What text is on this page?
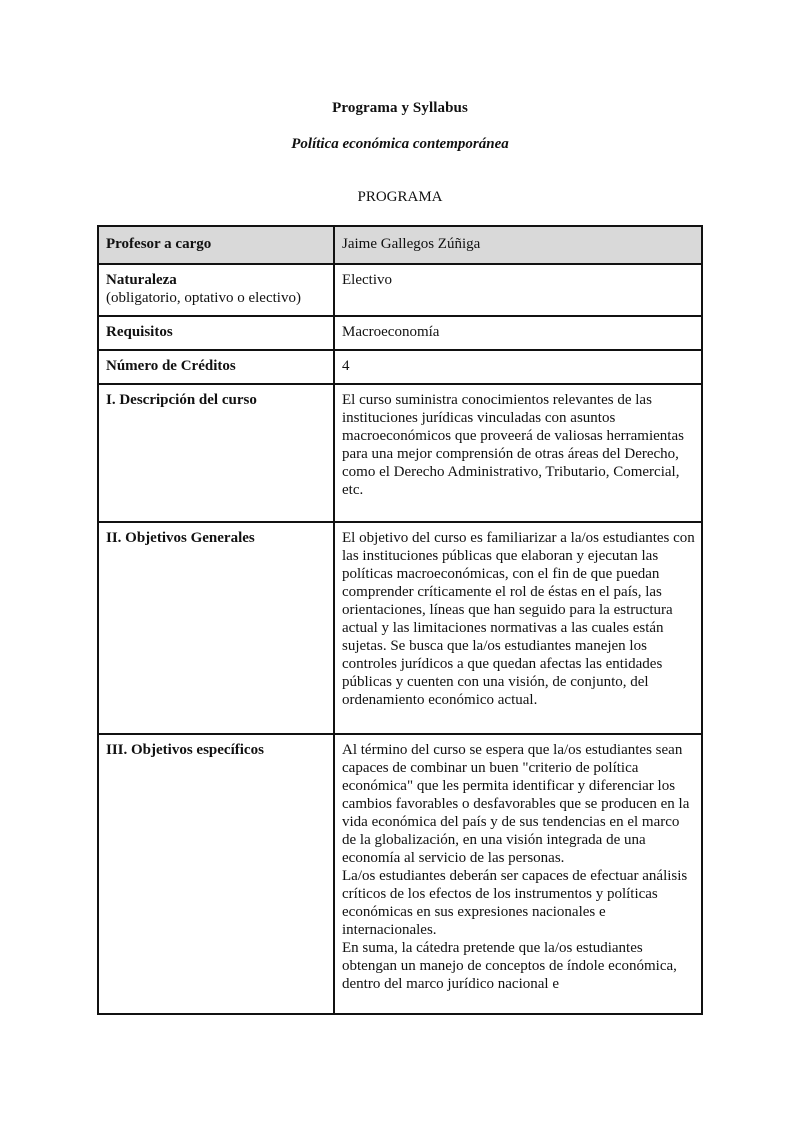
Programa y Syllabus
Política económica contemporánea
PROGRAMA
Profesor a cargo	Jaime Gallegos Zúñiga
Naturaleza
(obligatorio, optativo o electivo)	Electivo
Requisitos	Macroeconomía
Número de Créditos	4
I. Descripción del curso	El curso suministra conocimientos relevantes de las instituciones jurídicas vinculadas con asuntos macroeconómicos que proveerá de valiosas herramientas para una mejor comprensión de otras áreas del Derecho, como el Derecho Administrativo, Tributario, Comercial, etc.
II. Objetivos Generales	El objetivo del curso es familiarizar a la/os estudiantes con las instituciones públicas que elaboran y ejecutan las políticas macroeconómicas, con el fin de que puedan comprender críticamente el rol de éstas en el país, las orientaciones, líneas que han seguido para la estructura actual y las limitaciones normativas a las cuales están sujetas. Se busca que la/os estudiantes manejen los controles jurídicos a que quedan afectas las entidades públicas y cuenten con una visión, de conjunto, del ordenamiento económico actual.
III. Objetivos específicos	Al término del curso se espera que la/os estudiantes sean capaces de combinar un buen "criterio de política económica" que les permita identificar y diferenciar los cambios favorables o desfavorables que se producen en la vida económica del país y de sus tendencias en el marco de la globalización, en una visión integrada de una economía al servicio de las personas.
La/os estudiantes deberán ser capaces de efectuar análisis críticos de los efectos de los instrumentos y políticas económicas en sus expresiones nacionales e internacionales.
En suma, la cátedra pretende que la/os estudiantes obtengan un manejo de conceptos de índole económica, dentro del marco jurídico nacional e
